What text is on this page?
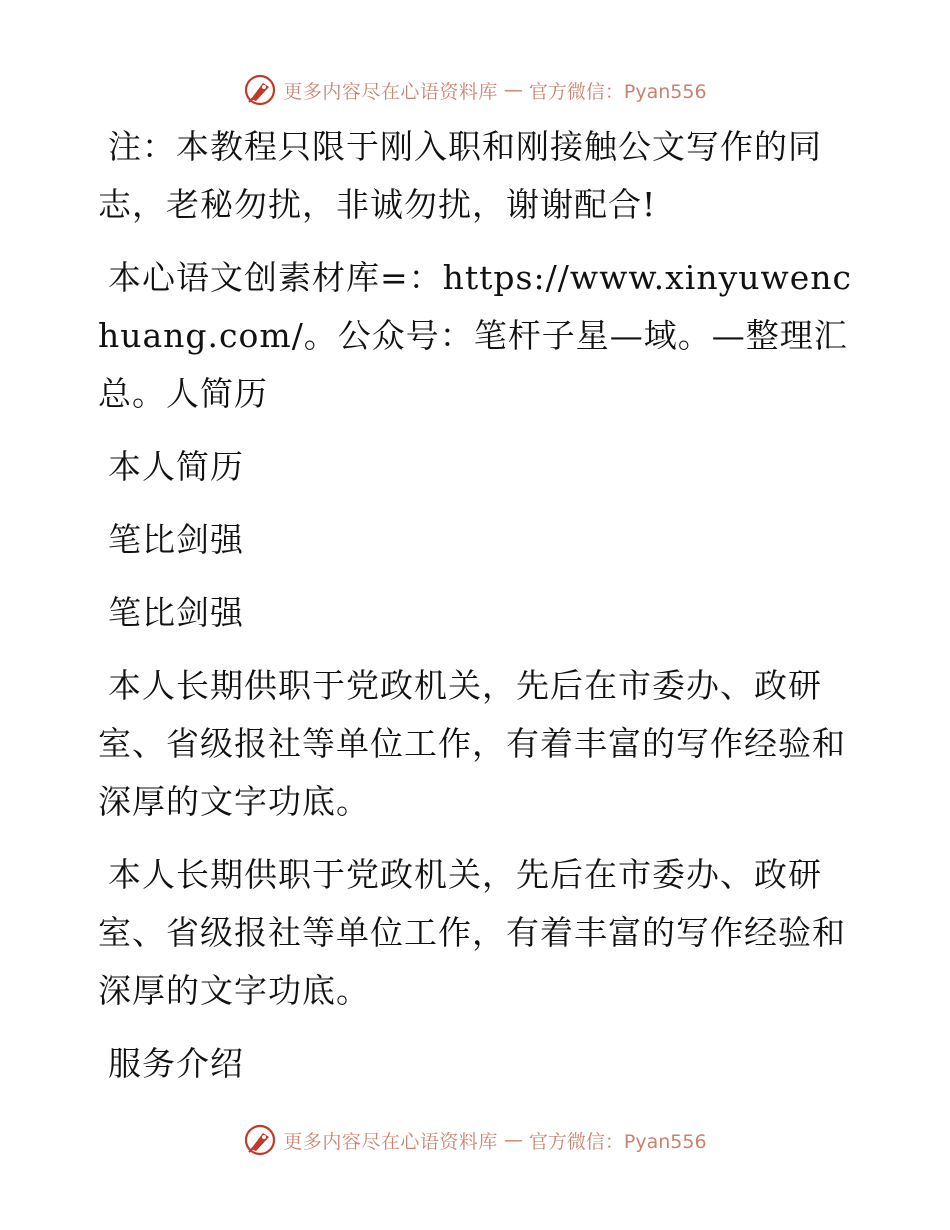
更多内容尽在心语资料库 — 官方微信：Pyan556

注：本教程只限于刚入职和刚接触公文写作的同志，老秘勿扰，非诚勿扰，谢谢配合!

本心语文创素材库=：https://www.xinyuwenchuang.com/。公众号：笔杆子星—域。—整理汇总。人简历

本人简历

笔比剑强

笔比剑强

本人长期供职于党政机关，先后在市委办、政研室、省级报社等单位工作，有着丰富的写作经验和深厚的文字功底。

本人长期供职于党政机关，先后在市委办、政研室、省级报社等单位工作，有着丰富的写作经验和深厚的文字功底。

服务介绍

更多内容尽在心语资料库 — 官方微信：Pyan556
